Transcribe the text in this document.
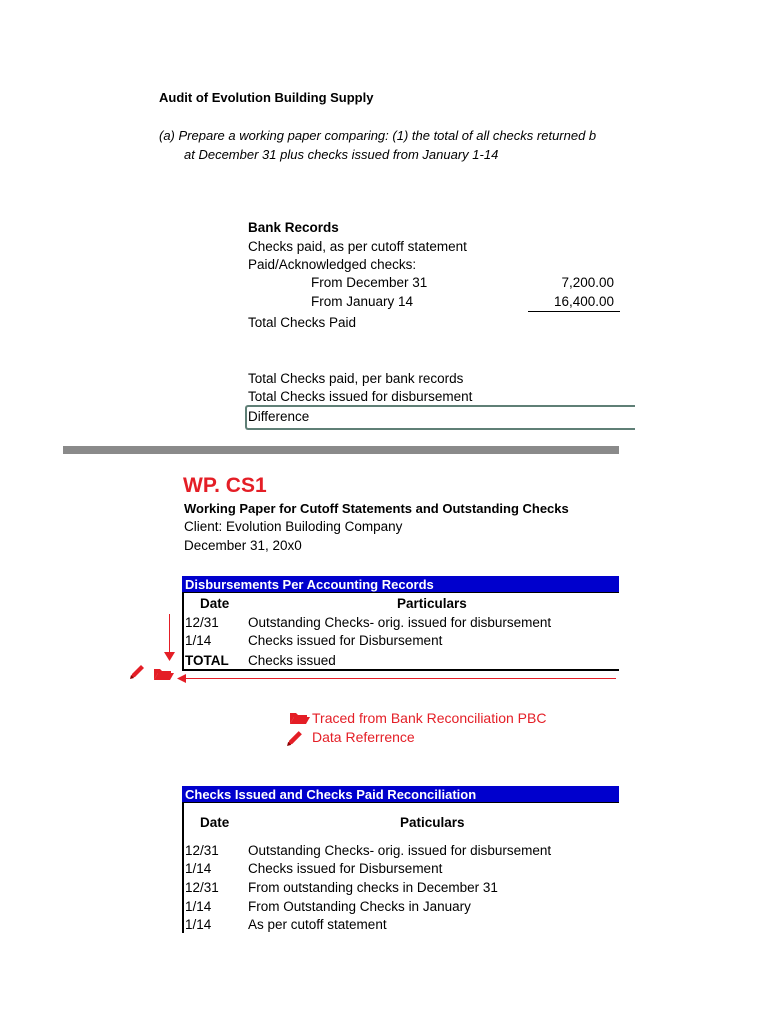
Audit of Evolution Building Supply
(a) Prepare a working paper comparing: (1) the total of all checks returned b
at December 31 plus checks issued from January 1-14
Bank Records
Checks paid, as per cutoff statement
Paid/Acknowledged checks:
From December 31	7,200.00
From January 14	16,400.00
Total Checks Paid
Total Checks paid, per bank records
Total Checks issued for disbursement
Difference
WP. CS1
Working Paper for Cutoff Statements and Outstanding Checks
Client: Evolution Builoding Company
December 31, 20x0
Disbursements Per Accounting Records
Date	Particulars
12/31 Outstanding Checks- orig. issued for disbursement
1/14	Checks issued for Disbursement
TOTAL Checks issued
Traced from Bank Reconciliation PBC
Data Referrence
Checks Issued and Checks Paid Reconciliation
Date	Paticulars
12/31 Outstanding Checks- orig. issued for disbursement
1/14	Checks issued for Disbursement
12/31 From outstanding checks in December 31
1/14	From Outstanding Checks in January
1/14	As per cutoff statement
